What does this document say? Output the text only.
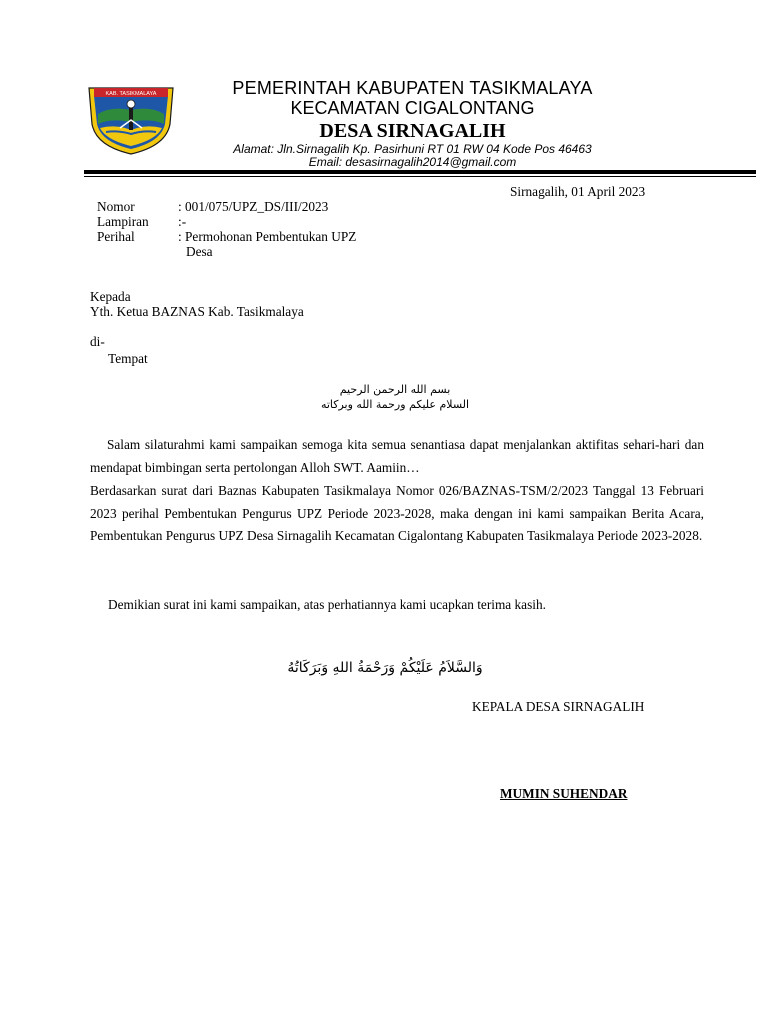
KAB. TASIKMALAYA	PEMERINTAH KABUPATEN TASIKMALAYA
KECAMATAN CIGALONTANG
DESA SIRNAGALIH
Alamat: Jln.Sirnagalih Kp. Pasirhuni RT 01 RW 04 Kode Pos 46463
Email: desasirnagalih2014@gmail.com
Sirnagalih, 01 April 2023
Nomor	: 001/075/UPZ_DS/III/2023
Lampiran :-
Perihal	: Permohonan Pembentukan UPZ
Desa
Kepada
Yth. Ketua BAZNAS Kab. Tasikmalaya
di-
Tempat
بسم الله الرحمن الرحيم
السلام عليكم ورحمة الله وبركاته
Salam silaturahmi kami sampaikan semoga kita semua senantiasa dapat menjalankan aktifitas sehari-hari dan mendapat bimbingan serta pertolongan Alloh SWT. Aamiin…
Berdasarkan surat dari Baznas Kabupaten Tasikmalaya Nomor 026/BAZNAS-TSM/2/2023 Tanggal 13 Februari 2023 perihal Pembentukan Pengurus UPZ Periode 2023-2028, maka dengan ini kami sampaikan Berita Acara, Pembentukan Pengurus UPZ Desa Sirnagalih Kecamatan Cigalontang Kabupaten Tasikmalaya Periode 2023-2028.
Demikian surat ini kami sampaikan, atas perhatiannya kami ucapkan terima kasih.
وَالسَّلاَمُ عَلَيْكُمْ وَرَحْمَةُ اللهِ وَبَرَكَاتُهُ
KEPALA DESA SIRNAGALIH
MUMIN SUHENDAR
